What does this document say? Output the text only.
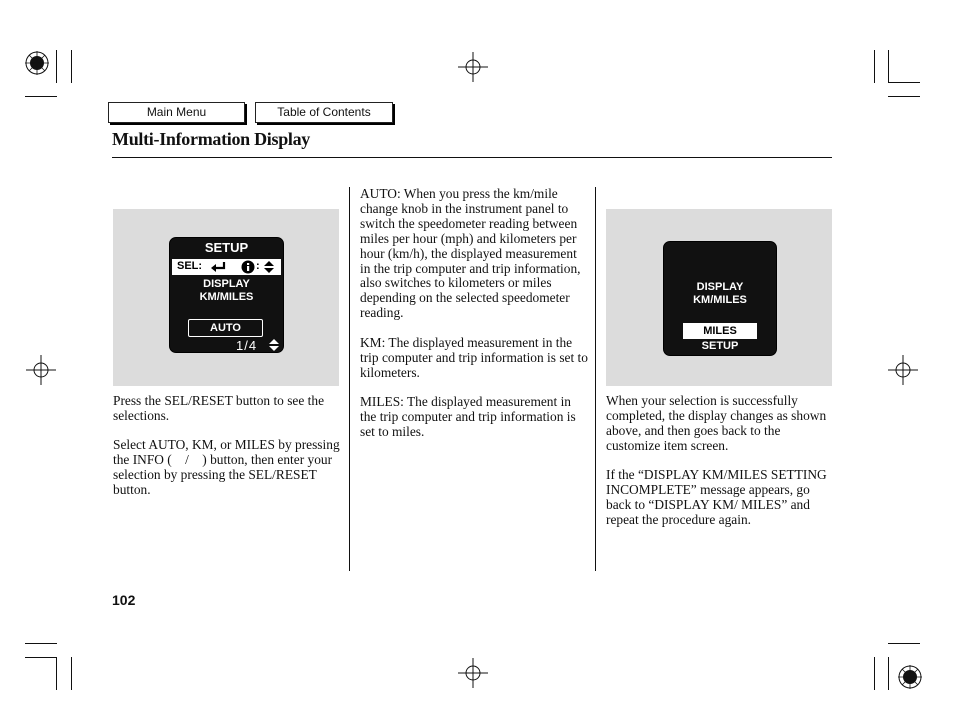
Main Menu	Table of Contents
Multi-Information Display
SETUP
SEL:	:
DISPLAY
KM/MILES
AUTO
1/4
DISPLAY
KM/MILES
MILES
SETUP

Press the SEL/RESET button to see the selections.

Select AUTO, KM, or MILES by pressing the INFO ( / ) button, then enter your selection by pressing the SEL/RESET button.

AUTO: When you press the km/mile change knob in the instrument panel to switch the speedometer reading between miles per hour (mph) and kilometers per hour (km/h), the displayed measurement in the trip computer and trip information, also switches to kilometers or miles depending on the selected speedometer reading.

KM: The displayed measurement in the trip computer and trip information is set to kilometers.

MILES: The displayed measurement in the trip computer and trip information is set to miles.

When your selection is successfully completed, the display changes as shown above, and then goes back to the customize item screen.

If the “DISPLAY KM/MILES SETTING INCOMPLETE” message appears, go back to “DISPLAY KM/ MILES” and repeat the procedure again.

102
